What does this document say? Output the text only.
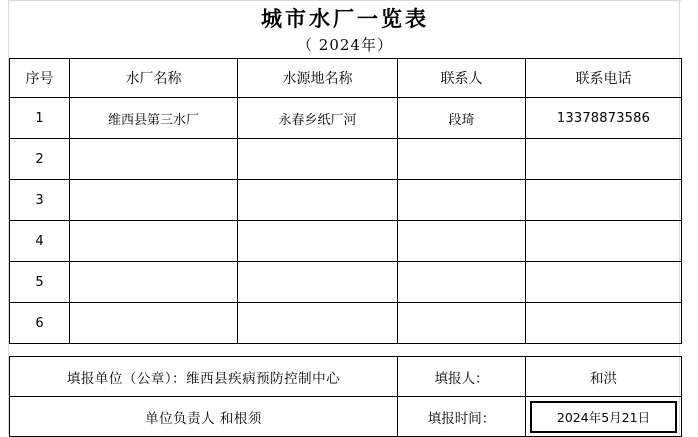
城市水厂一览表
（ 2024年）
序号	水厂名称	水源地名称	联系人	联系电话
1	维西县第三水厂	永春乡纸厂河	段琦	13378873586
2				
3				
4				
5				
6				
填报单位（公章）：维西县疾病预防控制中心	填报人：	和洪
单位负责人 和根须	填报时间：	2024年5月21日
